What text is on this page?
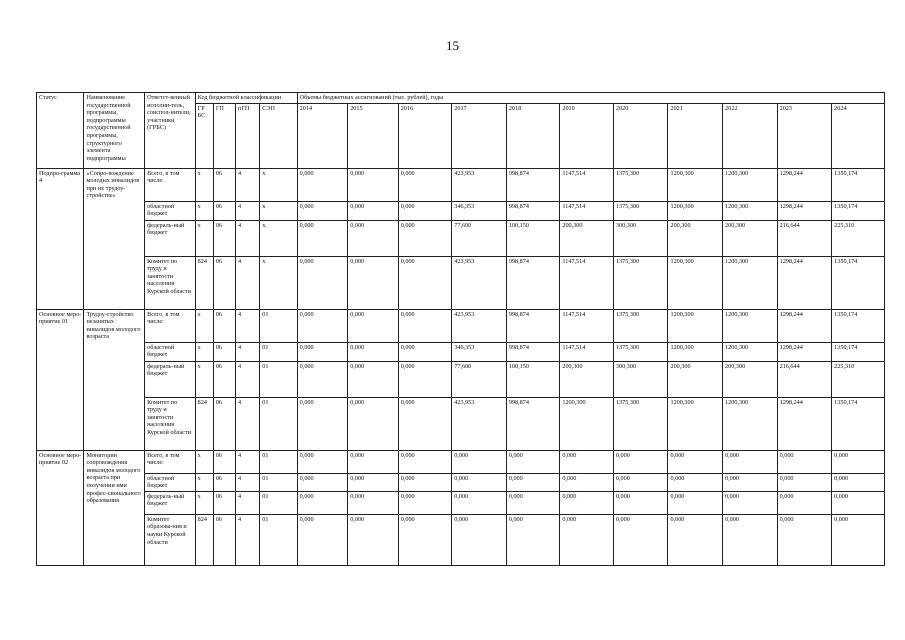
15
Статус	Наименование государственной программы, подпрограммы государственной программы, структурного элемента подпрограммы	Ответст-венный исполни-тель, соиспол-нители, участники (ГРБС)	Код бюджетной классификации				Объемы бюджетных ассигнований (тыс. рублей), годы										
			ГР БС	ГП	пГП	СЭП	2014	2015	2016	2017	2018	2019	2020	2021	2022	2023	2024
Подпро-грамма 4	«Сопро-вождение молодых инвалидов при их трудоу-стройстве»	Всего, в том числе:	х	06	4	х	0,000	0,000	0,000	423,953	998,874	1147,514	1375,300	1200,300	1200,300	1298,244	1350,174
		областной бюджет	х	06	4	х	0,000	0,000	0,000	346,353	998,874	1147,514	1375,300	1200,300	1200,300	1298,244	1350,174
		федераль-ный бюджет	х	06	4	х	0,000	0,000	0,000	77,600	100,150	200,300	300,300	200,300	200,300	216,644	225,310
		Комитет по труду и занятости населения Курской области	824	06	4	х	0,000	0,000	0,000	423,953	998,874	1147,514	1375,300	1200,300	1200,300	1298,244	1350,174
Основное меро-приятие 01	Трудоу-стройство незанятых инвалидов молодого возраста	Всего, в том числе:	х	06	4	01	0,000	0,000	0,000	423,953	998,874	1147,514	1375,300	1200,300	1200,300	1298,244	1350,174
		областной бюджет	х	06	4	01	0,000	0,000	0,000	346,353	998,874	1147,514	1375,300	1200,300	1200,300	1298,244	1350,174
		федераль-ный бюджет	х	06	4	01	0,000	0,000	0,000	77,600	100,150	200,300	300,300	200,300	200,300	216,644	225,310
		Комитет по труду и занятости населения Курской области	824	06	4	01	0,000	0,000	0,000	423,953	998,874	1200,300	1375,300	1200,300	1200,300	1298,244	1350,174
Основное меро-приятие 02	Мониторин сопровождения инвалидов молодого возраста при получении ими профес-сионального образования	Всего, в том числе:	х	06	4	01	0,000	0,000	0,000	0,000	0,000	0,000	0,000	0,000	0,000	0,000	0,000
		областной бюджет	х	06	4	01	0,000	0,000	0,000	0,000	0,000	0,000	0,000	0,000	0,000	0,000	0,000
		федераль-ный бюджет	х	06	4	01	0,000	0,000	0,000	0,000	0,000	0,000	0,000	0,000	0,000	0,000	0,000
		Комитет образова-ния и науки Курской области	824	06	4	01	0,000	0,000	0,000	0,000	0,000	0,000	0,000	0,000	0,000	0,000	0,000
